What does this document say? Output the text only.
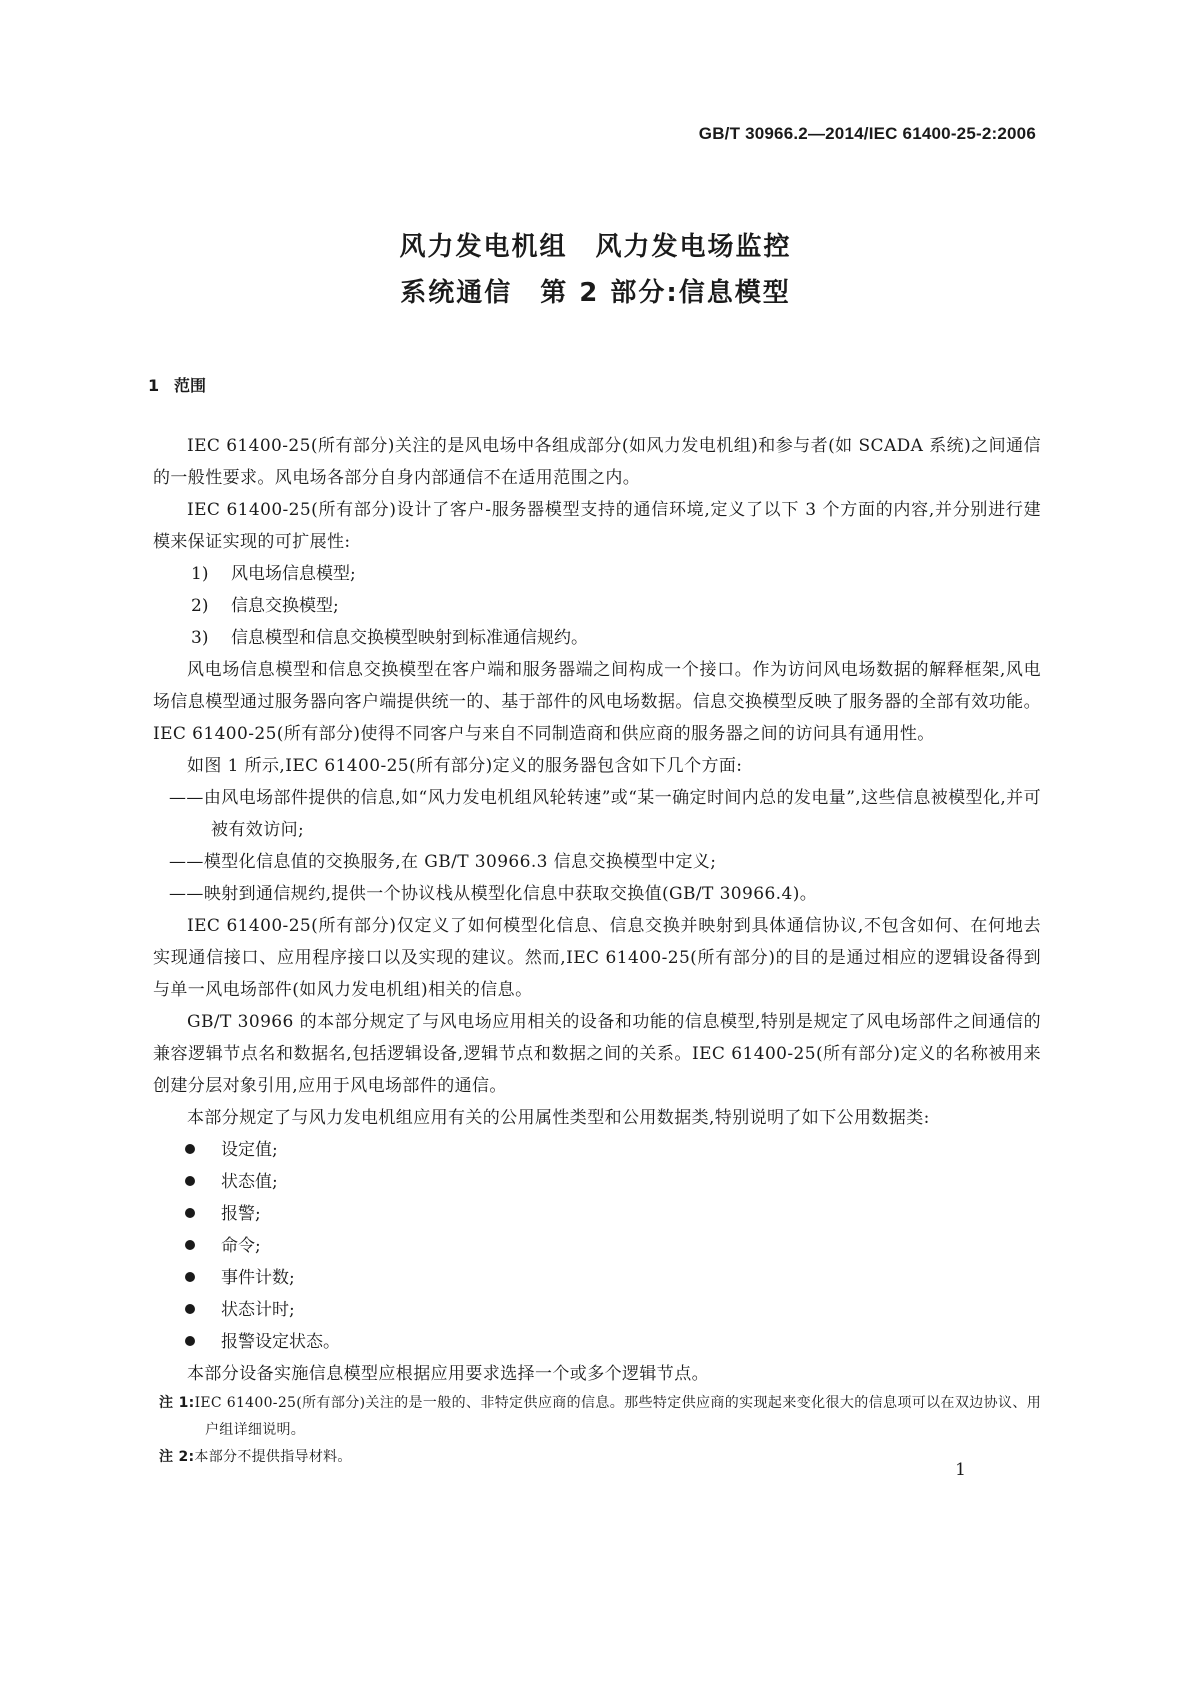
GB/T 30966.2—2014/IEC 61400-25-2:2006
风力发电机组　风力发电场监控
系统通信　第 2 部分:信息模型
1 范围

IEC 61400-25(所有部分)关注的是风电场中各组成部分(如风力发电机组)和参与者(如 SCADA 系统)之间通信的一般性要求。风电场各部分自身内部通信不在适用范围之内。

IEC 61400-25(所有部分)设计了客户-服务器模型支持的通信环境,定义了以下 3 个方面的内容,并分别进行建模来保证实现的可扩展性:

1) 风电场信息模型;

2) 信息交换模型;

3) 信息模型和信息交换模型映射到标准通信规约。

风电场信息模型和信息交换模型在客户端和服务器端之间构成一个接口。作为访问风电场数据的解释框架,风电场信息模型通过服务器向客户端提供统一的、基于部件的风电场数据。信息交换模型反映了服务器的全部有效功能。IEC 61400-25(所有部分)使得不同客户与来自不同制造商和供应商的服务器之间的访问具有通用性。

如图 1 所示,IEC 61400-25(所有部分)定义的服务器包含如下几个方面:

——由风电场部件提供的信息,如“风力发电机组风轮转速”或“某一确定时间内总的发电量”,这些信息被模型化,并可被有效访问;

——模型化信息值的交换服务,在 GB/T 30966.3 信息交换模型中定义;

——映射到通信规约,提供一个协议栈从模型化信息中获取交换值(GB/T 30966.4)。

IEC 61400-25(所有部分)仅定义了如何模型化信息、信息交换并映射到具体通信协议,不包含如何、在何地去实现通信接口、应用程序接口以及实现的建议。然而,IEC 61400-25(所有部分)的目的是通过相应的逻辑设备得到与单一风电场部件(如风力发电机组)相关的信息。

GB/T 30966 的本部分规定了与风电场应用相关的设备和功能的信息模型,特别是规定了风电场部件之间通信的兼容逻辑节点名和数据名,包括逻辑设备,逻辑节点和数据之间的关系。IEC 61400-25(所有部分)定义的名称被用来创建分层对象引用,应用于风电场部件的通信。

本部分规定了与风力发电机组应用有关的公用属性类型和公用数据类,特别说明了如下公用数据类:

设定值;

状态值;

报警;

命令;

事件计数;

状态计时;

报警设定状态。

本部分设备实施信息模型应根据应用要求选择一个或多个逻辑节点。

注 1:IEC 61400-25(所有部分)关注的是一般的、非特定供应商的信息。那些特定供应商的实现起来变化很大的信息项可以在双边协议、用户组详细说明。

注 2:本部分不提供指导材料。

1
